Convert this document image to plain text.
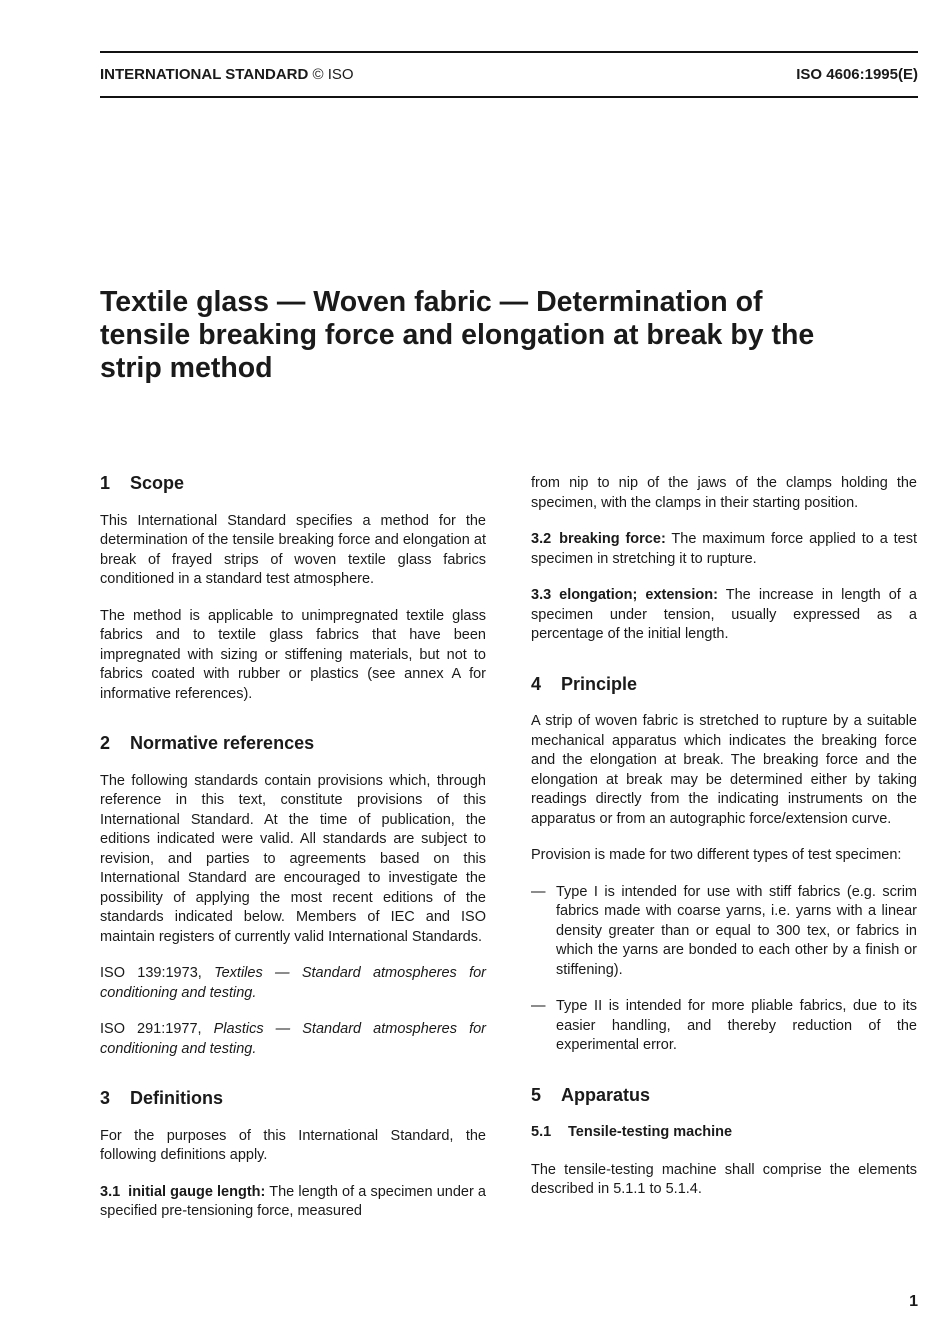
INTERNATIONAL STANDARD © ISO	ISO 4606:1995(E)
Textile glass — Woven fabric — Determination of
tensile breaking force and elongation at break by the
strip method
1 Scope

This International Standard specifies a method for the determination of the tensile breaking force and elongation at break of frayed strips of woven textile glass fabrics conditioned in a standard test atmosphere.

The method is applicable to unimpregnated textile glass fabrics and to textile glass fabrics that have been impregnated with sizing or stiffening materials, but not to fabrics coated with rubber or plastics (see annex A for informative references).

2 Normative references

The following standards contain provisions which, through reference in this text, constitute provisions of this International Standard. At the time of publication, the editions indicated were valid. All standards are subject to revision, and parties to agreements based on this International Standard are encouraged to investigate the possibility of applying the most recent editions of the standards indicated below. Members of IEC and ISO maintain registers of currently valid International Standards.

ISO 139:1973, Textiles — Standard atmospheres for conditioning and testing.

ISO 291:1977, Plastics — Standard atmospheres for conditioning and testing.

3 Definitions

For the purposes of this International Standard, the following definitions apply.

3.1 initial gauge length: The length of a specimen under a specified pre-tensioning force, measured

from nip to nip of the jaws of the clamps holding the specimen, with the clamps in their starting position.

3.2 breaking force: The maximum force applied to a test specimen in stretching it to rupture.

3.3 elongation; extension: The increase in length of a specimen under tension, usually expressed as a percentage of the initial length.

4 Principle

A strip of woven fabric is stretched to rupture by a suitable mechanical apparatus which indicates the breaking force and the elongation at break. The breaking force and the elongation at break may be determined either by taking readings directly from the indicating instruments on the apparatus or from an autographic force/extension curve.

Provision is made for two different types of test specimen:

— Type I is intended for use with stiff fabrics (e.g. scrim fabrics made with coarse yarns, i.e. yarns with a linear density greater than or equal to 300 tex, or fabrics in which the yarns are bonded to each other by a finish or stiffening).
— Type II is intended for more pliable fabrics, due to its easier handling, and thereby reduction of the experimental error.
5 Apparatus
5.1 Tensile-testing machine

The tensile-testing machine shall comprise the elements described in 5.1.1 to 5.1.4.

1
